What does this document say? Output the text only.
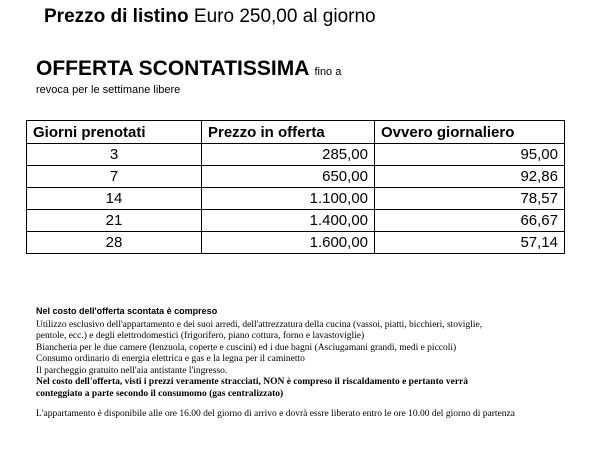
Prezzo di listino Euro 250,00 al giorno
OFFERTA SCONTATISSIMA fino a
revoca per le settimane libere
Giorni prenotati	Prezzo in offerta	Ovvero giornaliero
3	285,00	95,00
7	650,00	92,86
14	1.100,00	78,57
21	1.400,00	66,67
28	1.600,00	57,14
Nel costo dell'offerta scontata è compreso
Utilizzo esclusivo dell'appartamento e dei suoi arredi, dell'attrezzatura della cucina (vassoi, piatti, bicchieri, stoviglie,
pentole, ecc.) e degli elettrodomestici (frigorifero, piano cottura, forno e lavastoviglie)
Biancheria per le due camere (lenzuola, coperte e cuscini) ed i due bagni (Asciugamani grandi, medi e piccoli)
Consumo ordinario di energia elettrica e gas e la legna per il caminetto
Il parcheggio gratuito nell'aia antistante l'ingresso.
Nel costo dell'offerta, visti i prezzi veramente stracciati, NON è compreso il riscaldamento e pertanto verrà
conteggiato a parte secondo il consumomo (gas centralizzato)
L'appartamento è disponibile alle ore 16.00 del giorno di arrivo e dovrà essre liberato entro le ore 10.00 del giorno di partenza
